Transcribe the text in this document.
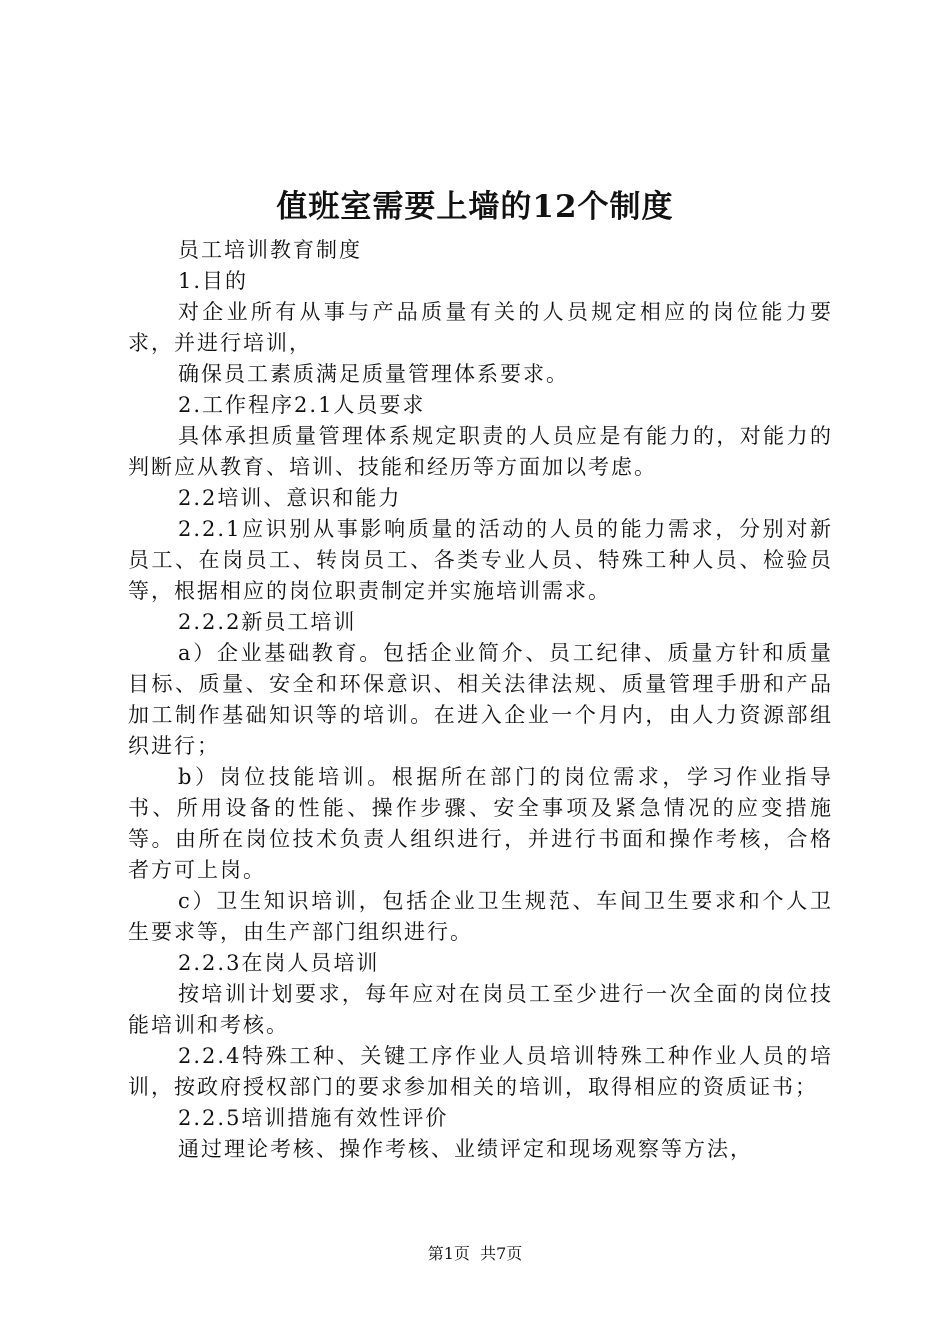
值班室需要上墙的12个制度

员工培训教育制度

1.目的

对企业所有从事与产品质量有关的人员规定相应的岗位能力要求，并进行培训，

确保员工素质满足质量管理体系要求。

2.工作程序2.1人员要求

具体承担质量管理体系规定职责的人员应是有能力的，对能力的判断应从教育、培训、技能和经历等方面加以考虑。

2.2培训、意识和能力

2.2.1应识别从事影响质量的活动的人员的能力需求，分别对新员工、在岗员工、转岗员工、各类专业人员、特殊工种人员、检验员等，根据相应的岗位职责制定并实施培训需求。

2.2.2新员工培训

a）企业基础教育。包括企业简介、员工纪律、质量方针和质量目标、质量、安全和环保意识、相关法律法规、质量管理手册和产品加工制作基础知识等的培训。在进入企业一个月内，由人力资源部组织进行；

b）岗位技能培训。根据所在部门的岗位需求，学习作业指导书、所用设备的性能、操作步骤、安全事项及紧急情况的应变措施等。由所在岗位技术负责人组织进行，并进行书面和操作考核，合格者方可上岗。

c）卫生知识培训，包括企业卫生规范、车间卫生要求和个人卫生要求等，由生产部门组织进行。

2.2.3在岗人员培训

按培训计划要求，每年应对在岗员工至少进行一次全面的岗位技能培训和考核。

2.2.4特殊工种、关键工序作业人员培训特殊工种作业人员的培训，按政府授权部门的要求参加相关的培训，取得相应的资质证书；

2.2.5培训措施有效性评价

通过理论考核、操作考核、业绩评定和现场观察等方法，

第1页  共7页
